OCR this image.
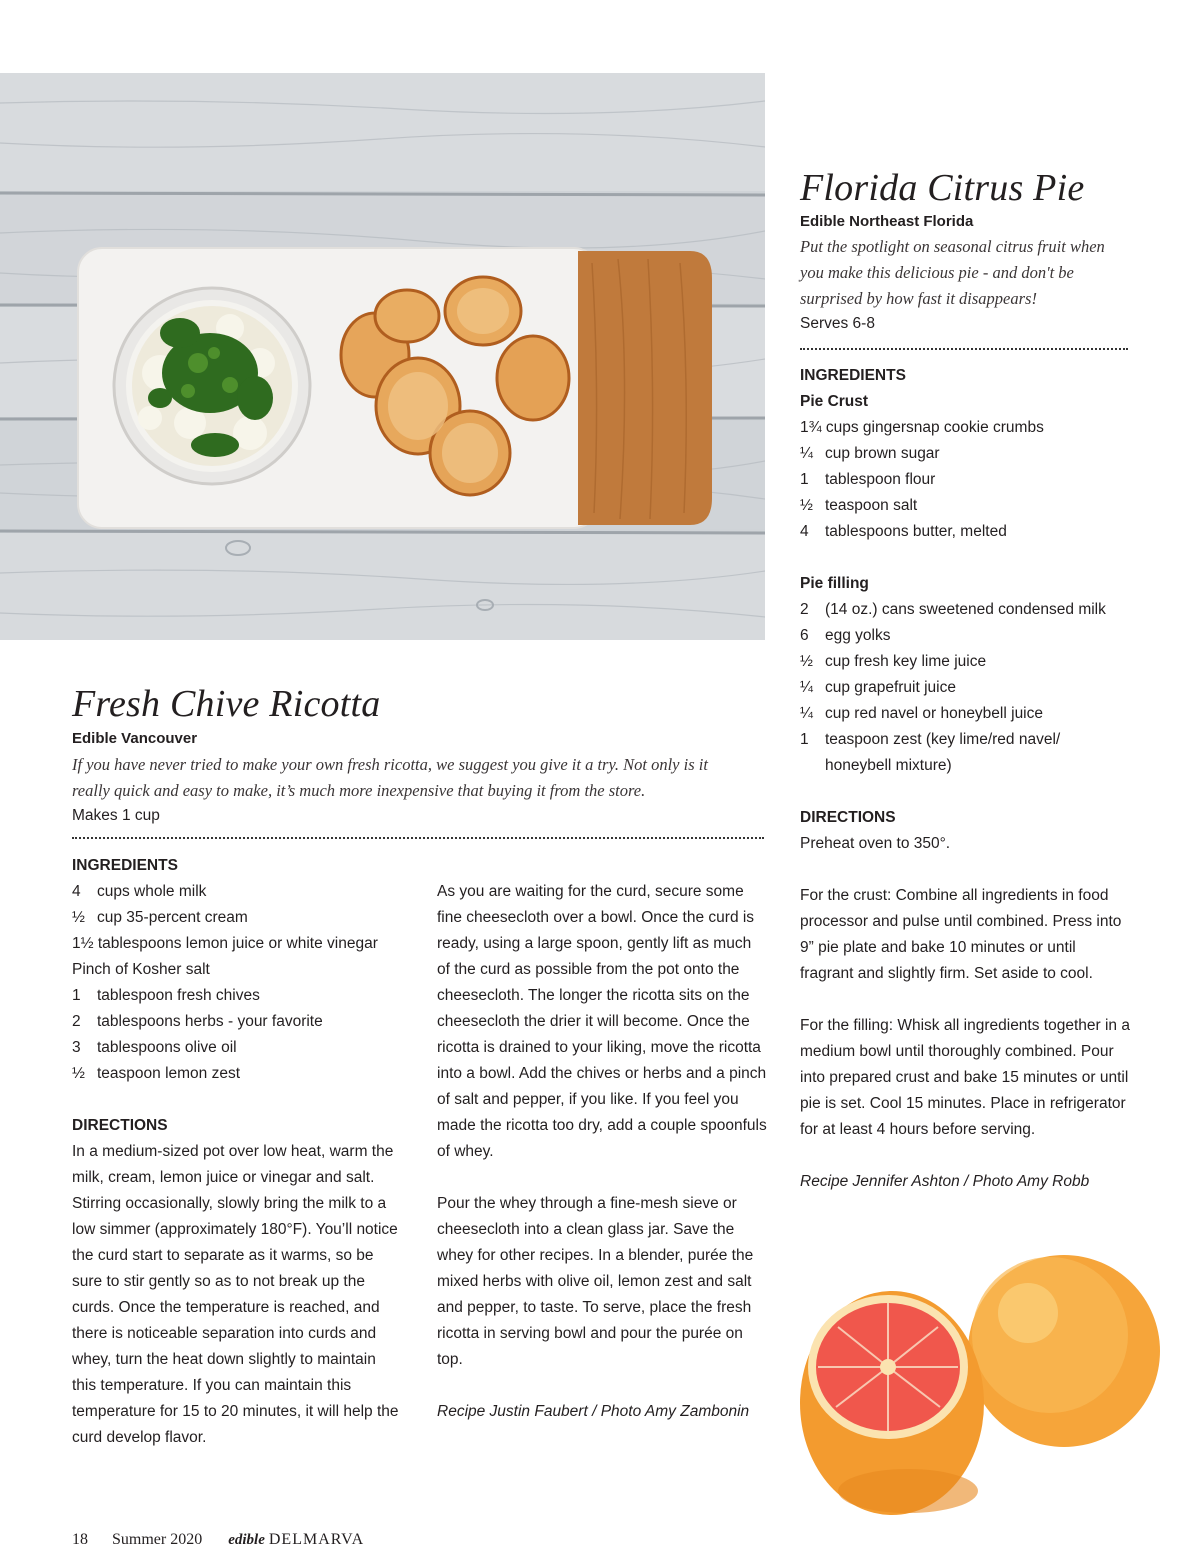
Fresh Chive Ricotta
Edible Vancouver

If you have never tried to make your own fresh ricotta, we suggest you give it a try. Not only is it really quick and easy to make, it’s much more inexpensive that buying it from the store.

Makes 1 cup
INGREDIENTS
4	cups whole milk
½ cup 35-percent cream
1½ tablespoons lemon juice or white vinegar
Pinch of Kosher salt
1	tablespoon fresh chives
2	tablespoons herbs - your favorite
3	tablespoons olive oil
½ teaspoon lemon zest
DIRECTIONS

In a medium-sized pot over low heat, warm the milk, cream, lemon juice or vinegar and salt. Stirring occasionally, slowly bring the milk to a low simmer (approximately 180°F). You’ll notice the curd start to separate as it warms, so be sure to stir gently so as to not break up the curds. Once the temperature is reached, and there is noticeable separation into curds and whey, turn the heat down slightly to maintain this temperature. If you can maintain this temperature for 15 to 20 minutes, it will help the curd develop flavor.

As you are waiting for the curd, secure some fine cheesecloth over a bowl. Once the curd is ready, using a large spoon, gently lift as much of the curd as possible from the pot onto the cheesecloth. The longer the ricotta sits on the cheesecloth the drier it will become. Once the ricotta is drained to your liking, move the ricotta into a bowl. Add the chives or herbs and a pinch of salt and pepper, if you like. If you feel you made the ricotta too dry, add a couple spoonfuls of whey.

Pour the whey through a fine-mesh sieve or cheesecloth into a clean glass jar. Save the whey for other recipes. In a blender, purée the mixed herbs with olive oil, lemon zest and salt and pepper, to taste. To serve, place the fresh ricotta in serving bowl and pour the purée on top.

Recipe Justin Faubert / Photo Amy Zambonin
Florida Citrus Pie
Edible Northeast Florida

Put the spotlight on seasonal citrus fruit when you make this delicious pie - and don't be surprised by how fast it disappears!

Serves 6-8
INGREDIENTS
Pie Crust
1¾ cups gingersnap cookie crumbs
¼ cup brown sugar
1	tablespoon flour
½ teaspoon salt
4	tablespoons butter, melted
Pie filling
2	(14 oz.) cans sweetened condensed milk
6	egg yolks
½ cup fresh key lime juice
¼ cup grapefruit juice
¼ cup red navel or honeybell juice
1	teaspoon zest (key lime/red navel/ honeybell mixture)
DIRECTIONS

Preheat oven to 350°.

For the crust: Combine all ingredients in food processor and pulse until combined. Press into 9” pie plate and bake 10 minutes or until fragrant and slightly firm. Set aside to cool.

For the filling: Whisk all ingredients together in a medium bowl until thoroughly combined. Pour into prepared crust and bake 15 minutes or until pie is set. Cool 15 minutes. Place in refrigerator for at least 4 hours before serving.

Recipe Jennifer Ashton / Photo Amy Robb
18 Summer 2020 edible DELMARVA
